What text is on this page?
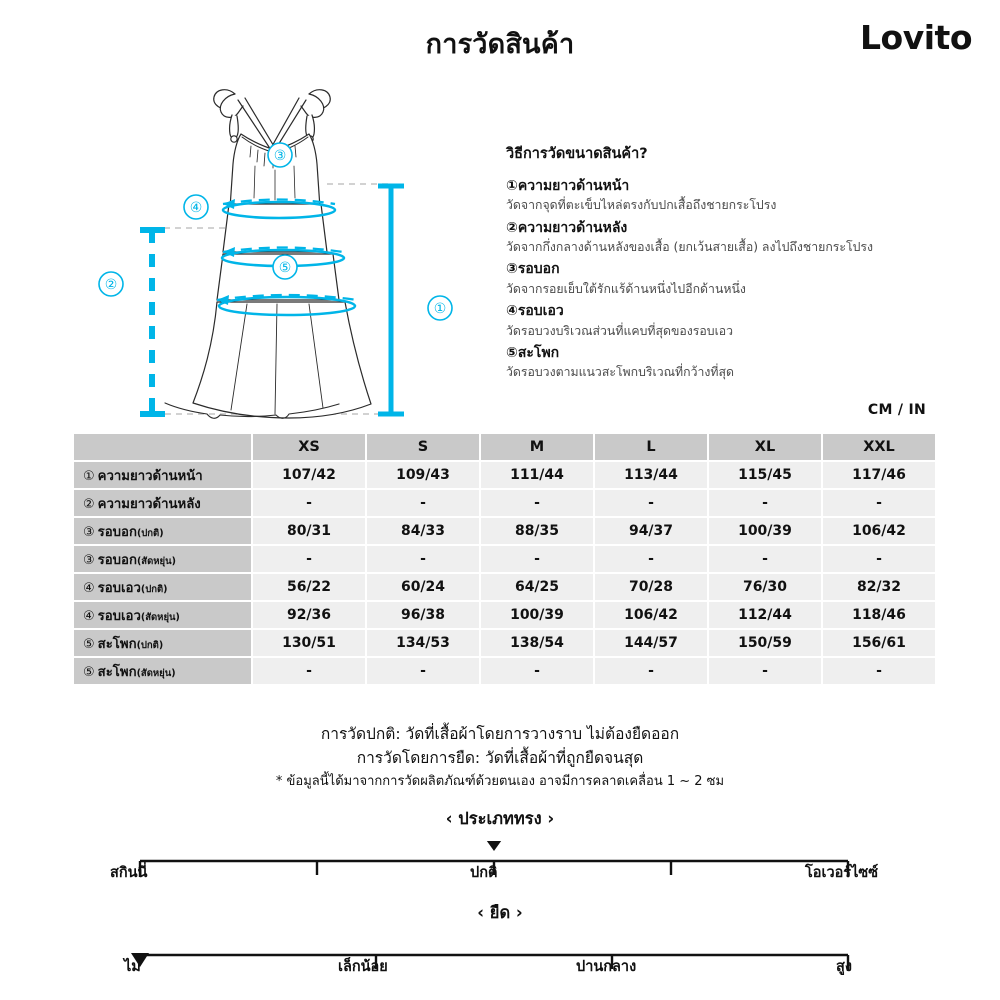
การวัดสินค้า	Lovito
①
②
③
④
⑤
วิธีการวัดขนาดสินค้า?
①ความยาวด้านหน้า
วัดจากจุดที่ตะเข็บไหล่ตรงกับปกเสื้อถึงชายกระโปรง
②ความยาวด้านหลัง
วัดจากกึ่งกลางด้านหลังของเสื้อ (ยกเว้นสายเสื้อ) ลงไปถึงชายกระโปรง
③รอบอก
วัดจากรอยเย็บใต้รักแร้ด้านหนึ่งไปอีกด้านหนึ่ง
④รอบเอว
วัดรอบวงบริเวณส่วนที่แคบที่สุดของรอบเอว
⑤สะโพก
วัดรอบวงตามแนวสะโพกบริเวณที่กว้างที่สุด
CM / IN
	XS	S	M	L	XL	XXL
① ความยาวด้านหน้า	107/42	109/43	111/44	113/44	115/45	117/46
② ความยาวด้านหลัง	-	-	-	-	-	-
③ รอบอก(ปกติ)	80/31	84/33	88/35	94/37	100/39	106/42
③ รอบอก(สัดหยุ่น)	-	-	-	-	-	-
④ รอบเอว(ปกติ)	56/22	60/24	64/25	70/28	76/30	82/32
④ รอบเอว(สัดหยุ่น)	92/36	96/38	100/39	106/42	112/44	118/46
⑤ สะโพก(ปกติ)	130/51	134/53	138/54	144/57	150/59	156/61
⑤ สะโพก(สัดหยุ่น)	-	-	-	-	-	-
การวัดปกติ: วัดที่เสื้อผ้าโดยการวางราบ ไม่ต้องยืดออก
การวัดโดยการยืด: วัดที่เสื้อผ้าที่ถูกยืดจนสุด
* ข้อมูลนี้ได้มาจากการวัดผลิตภัณฑ์ด้วยตนเอง อาจมีการคลาดเคลื่อน 1 ~ 2 ซม
‹ ประเภททรง ›
สกินนี่	ปกติ	โอเวอร์ไซซ์
‹ ยืด ›
ไม่	เล็กน้อย	ปานกลาง	สูง
